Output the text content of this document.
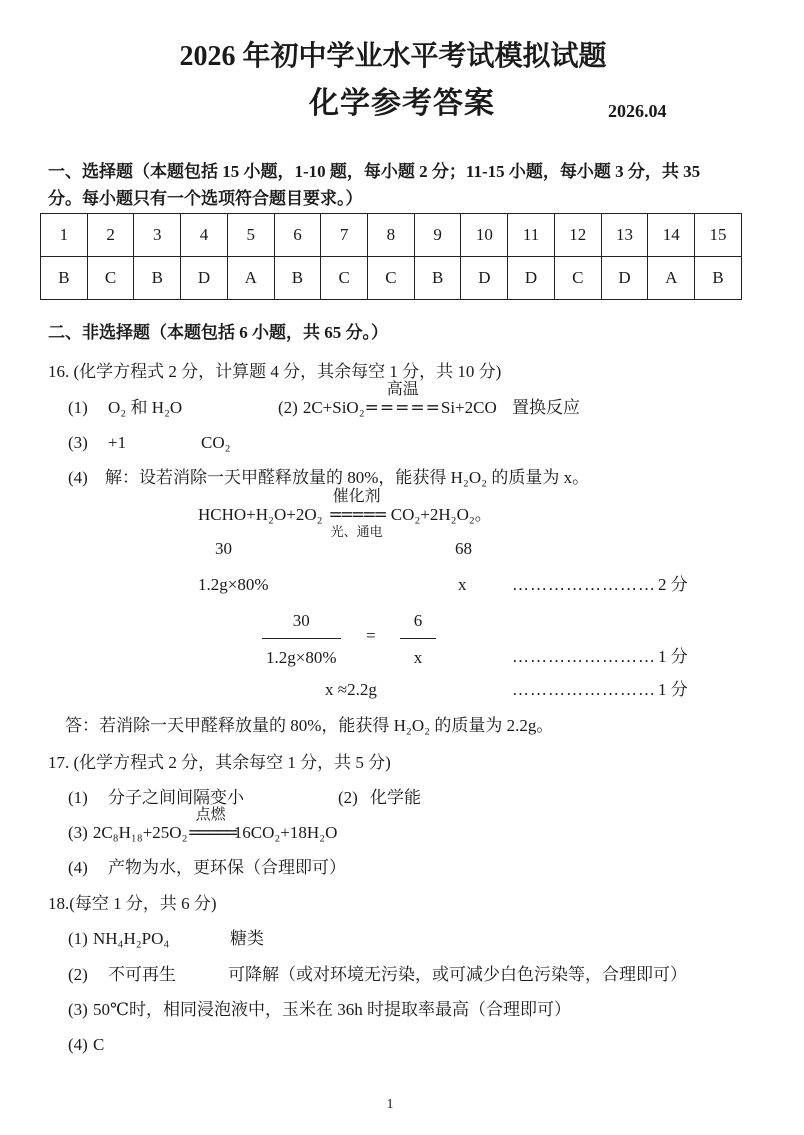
2026 年初中学业水平考试模拟试题
化学参考答案	2026.04
一、选择题（本题包括 15 小题，1-10 题，每小题 2 分；11-15 小题，每小题 3 分，共 35
分。每小题只有一个选项符合题目要求。）
1	2	3	4	5	6	7	8	9	10	11	12	13	14	15
B	C	B	D	A	B	C	C	B	D	D	C	D	A	B
二、非选择题（本题包括 6 小题，共 65 分。）
16. (化学方程式 2 分，计算题 4 分，其余每空 1 分，共 10 分)
(1) O₂ 和 H₂O	(2) 2C+SiO₂
高温
=====Si+2CO 置换反应
(3) +1	CO₂
(4) 解：设若消除一天甲醛释放量的 80%，能获得 H₂O₂ 的质量为 x。
HCHO+H₂O+2O₂
催化剂
=====
光、通电
CO₂+2H₂O₂。
30	68
1.2g×80%	x	…………………… 2 分
$\frac{30}{1.2g\times 80\%} = \frac{6}{x}$	…………………… 1 分
x ≈2.2g	…………………… 1 分
答：若消除一天甲醛释放量的 80%，能获得 H₂O₂ 的质量为 2.2g。
17. (化学方程式 2 分，其余每空 1 分，共 5 分)
(1) 分子之间间隔变小	(2) 化学能
(3) 2C₈H₁₈+25O₂
点燃
=====16CO₂+18H₂O
(4) 产物为水，更环保（合理即可）
18.(每空 1 分，共 6 分)
(1) NH₄H₂PO₄	糖类
(2) 不可再生	可降解（或对环境无污染，或可减少白色污染等，合理即可）
(3) 50℃时，相同浸泡液中，玉米在 36h 时提取率最高（合理即可）
(4) C
1
